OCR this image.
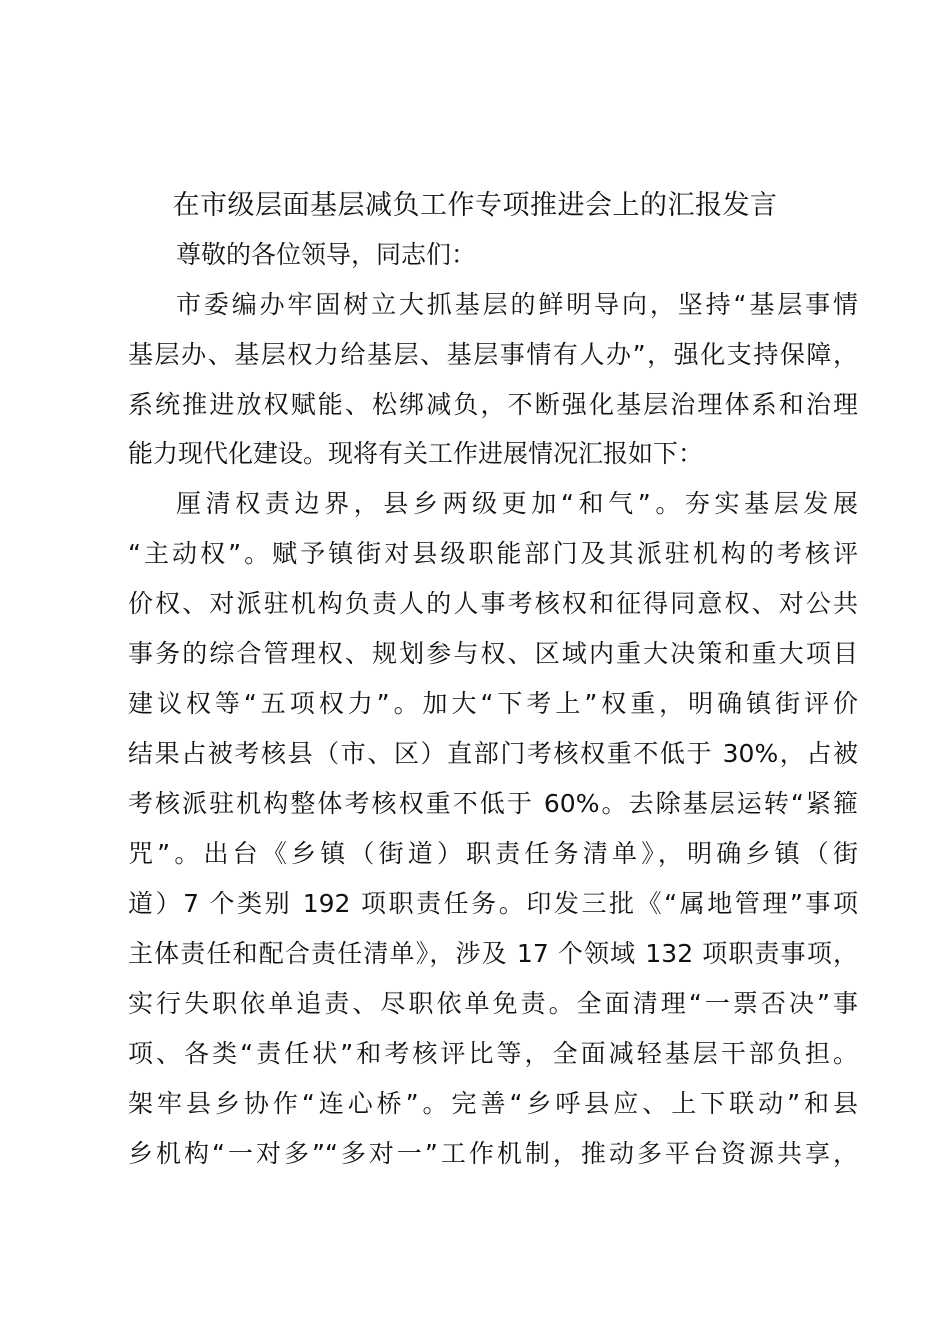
在市级层面基层减负工作专项推进会上的汇报发言

尊敬的各位领导，同志们：

市委编办牢固树立大抓基层的鲜明导向，坚持“基层事情

基层办、基层权力给基层、基层事情有人办”，强化支持保障，

系统推进放权赋能、松绑减负，不断强化基层治理体系和治理

能力现代化建设。现将有关工作进展情况汇报如下：

厘清权责边界，县乡两级更加“和气”。夯实基层发展

“主动权”。赋予镇街对县级职能部门及其派驻机构的考核评

价权、对派驻机构负责人的人事考核权和征得同意权、对公共

事务的综合管理权、规划参与权、区域内重大决策和重大项目

建议权等“五项权力”。加大“下考上”权重，明确镇街评价

结果占被考核县（市、区）直部门考核权重不低于 30%，占被

考核派驻机构整体考核权重不低于 60%。去除基层运转“紧箍

咒”。出台《乡镇（街道）职责任务清单》，明确乡镇（街

道）7 个类别 192 项职责任务。印发三批《“属地管理”事项

主体责任和配合责任清单》，涉及 17 个领域 132 项职责事项，

实行失职依单追责、尽职依单免责。全面清理“一票否决”事

项、各类“责任状”和考核评比等，全面减轻基层干部负担。

架牢县乡协作“连心桥”。完善“乡呼县应、上下联动”和县

乡机构“一对多”“多对一”工作机制，推动多平台资源共享，
